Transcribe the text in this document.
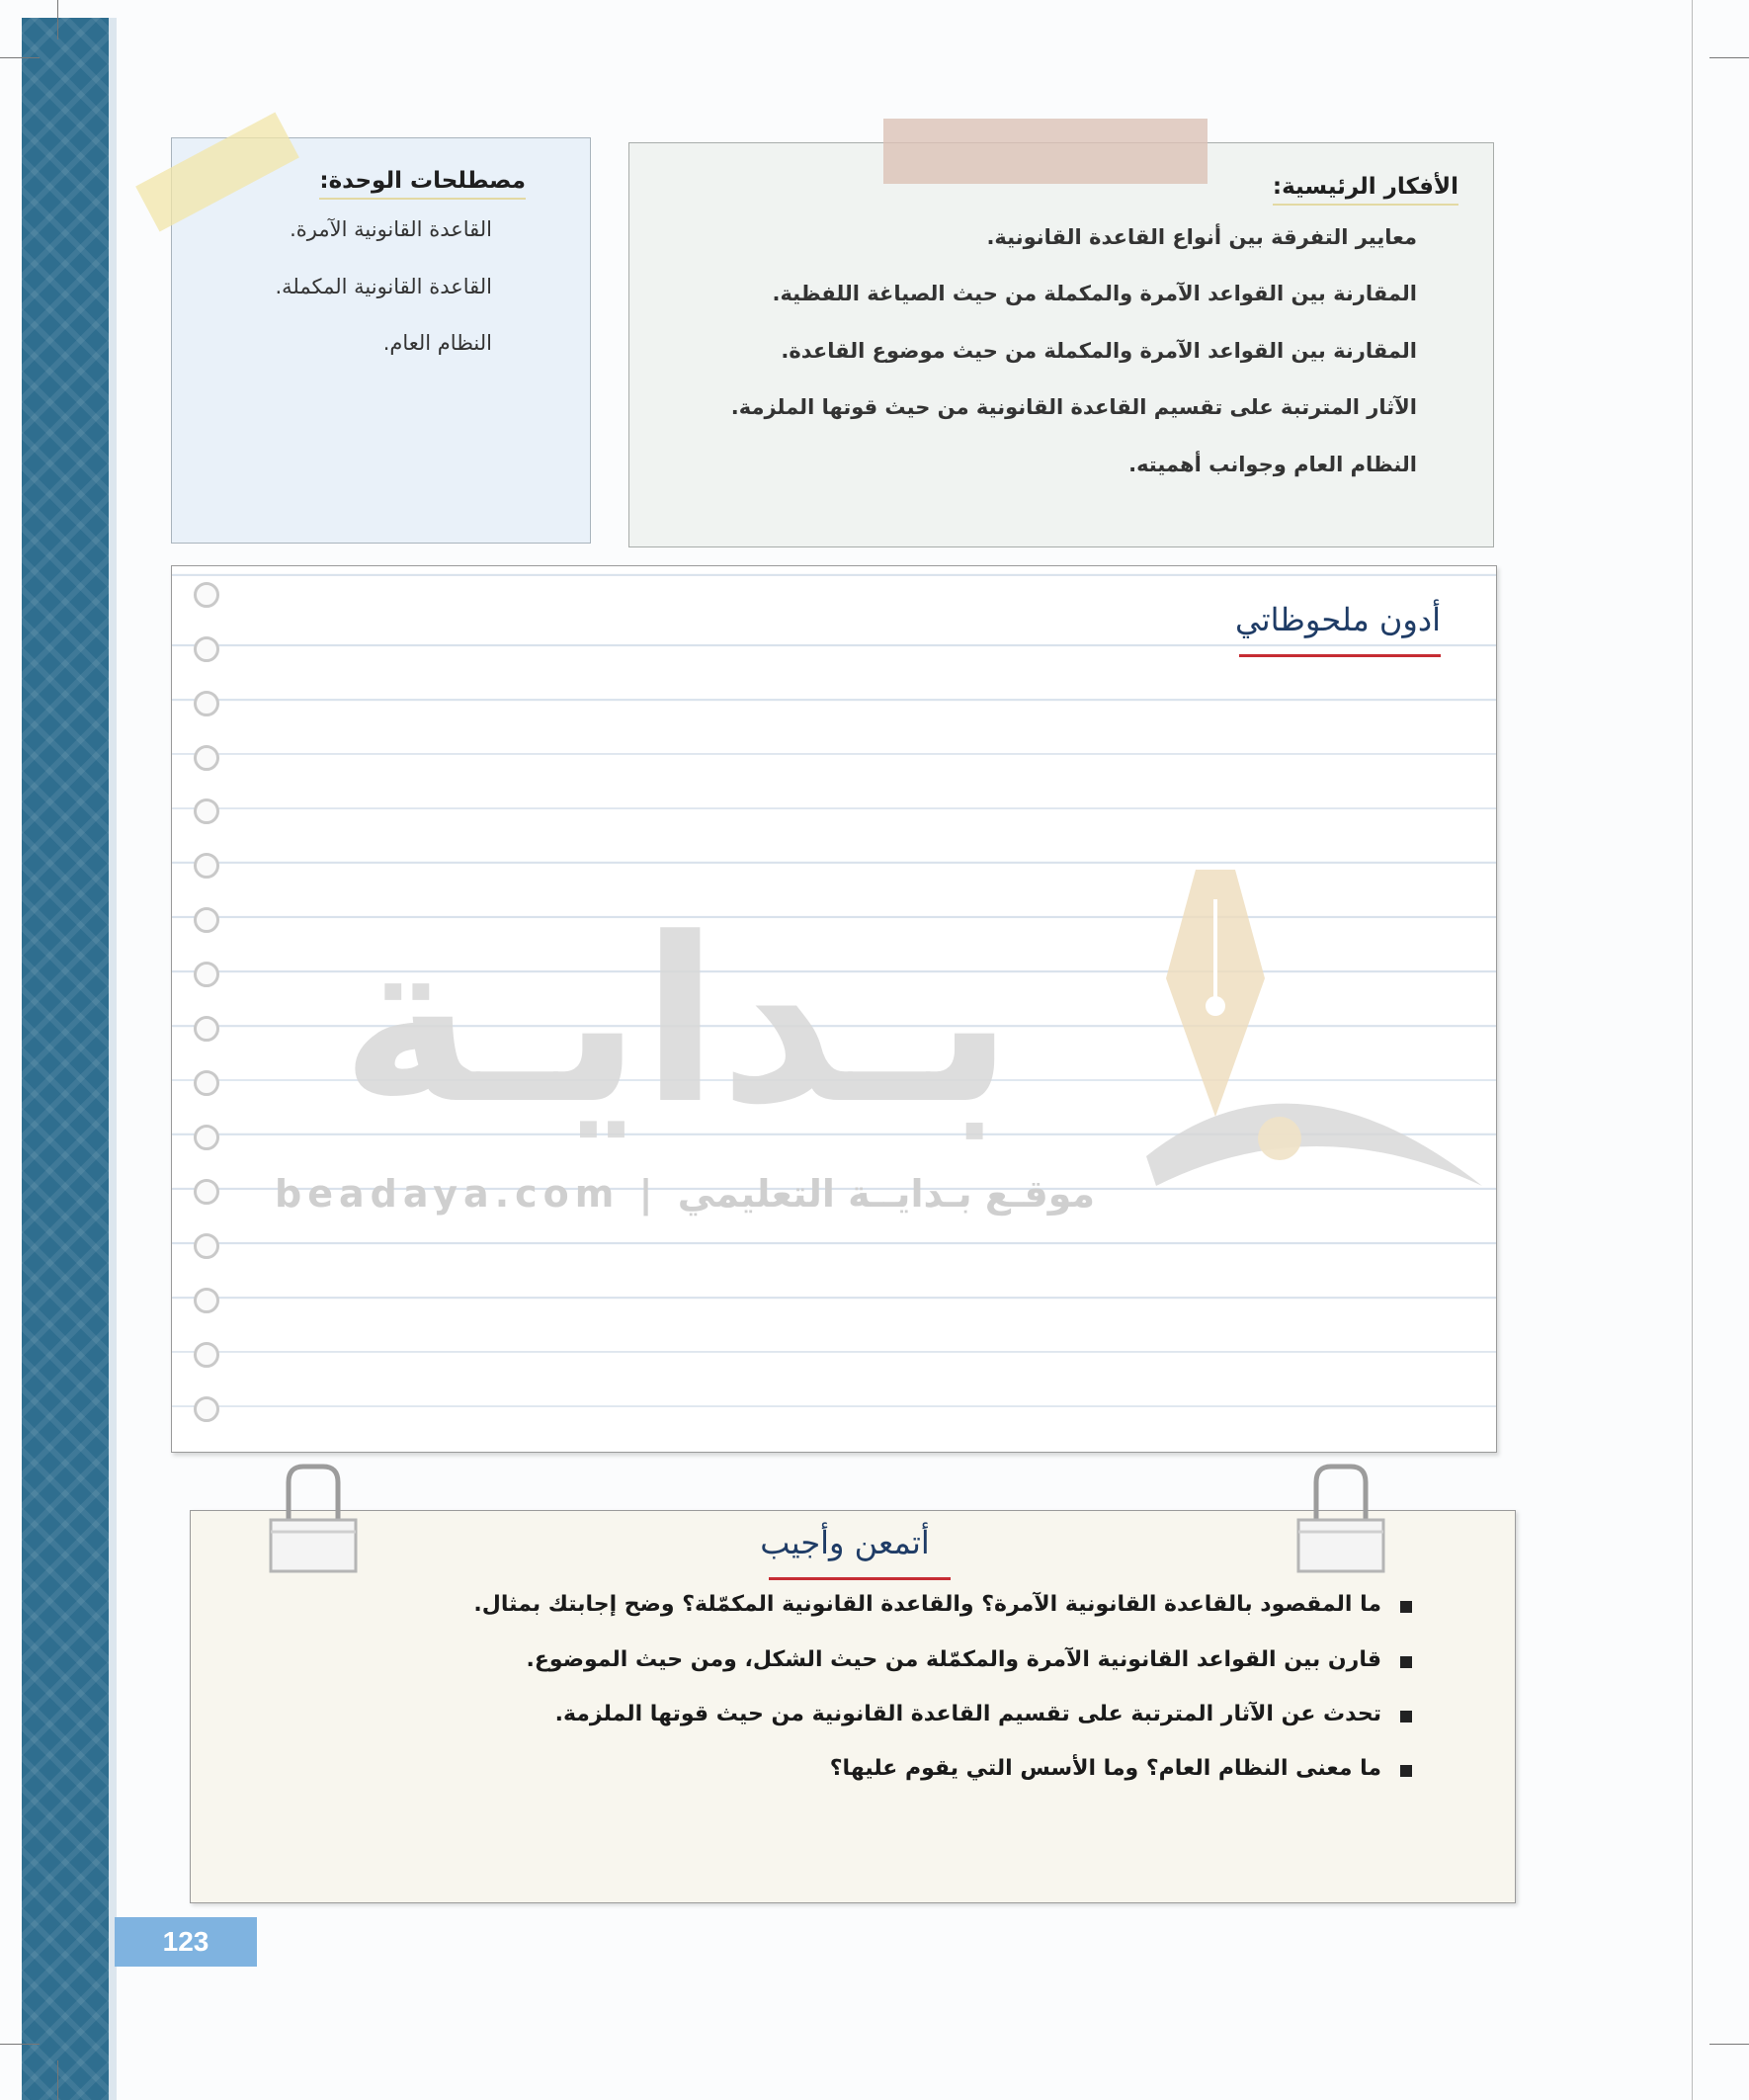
الأفكار الرئيسية:
معايير التفرقة بين أنواع القاعدة القانونية.
المقارنة بين القواعد الآمرة والمكملة من حيث الصياغة اللفظية.
المقارنة بين القواعد الآمرة والمكملة من حيث موضوع القاعدة.
الآثار المترتبة على تقسيم القاعدة القانونية من حيث قوتها الملزمة.
النظام العام وجوانب أهميته.
مصطلحات الوحدة:
القاعدة القانونية الآمرة.
القاعدة القانونية المكملة.
النظام العام.
أدون ملحوظاتي
بـدايـة
beadaya.com | موقـع بـدايــة التعليمي
أتمعن وأجيب
ما المقصود بالقاعدة القانونية الآمرة؟ والقاعدة القانونية المكمّلة؟ وضح إجابتك بمثال.
قارن بين القواعد القانونية الآمرة والمكمّلة من حيث الشكل، ومن حيث الموضوع.
تحدث عن الآثار المترتبة على تقسيم القاعدة القانونية من حيث قوتها الملزمة.
ما معنى النظام العام؟ وما الأسس التي يقوم عليها؟
123
